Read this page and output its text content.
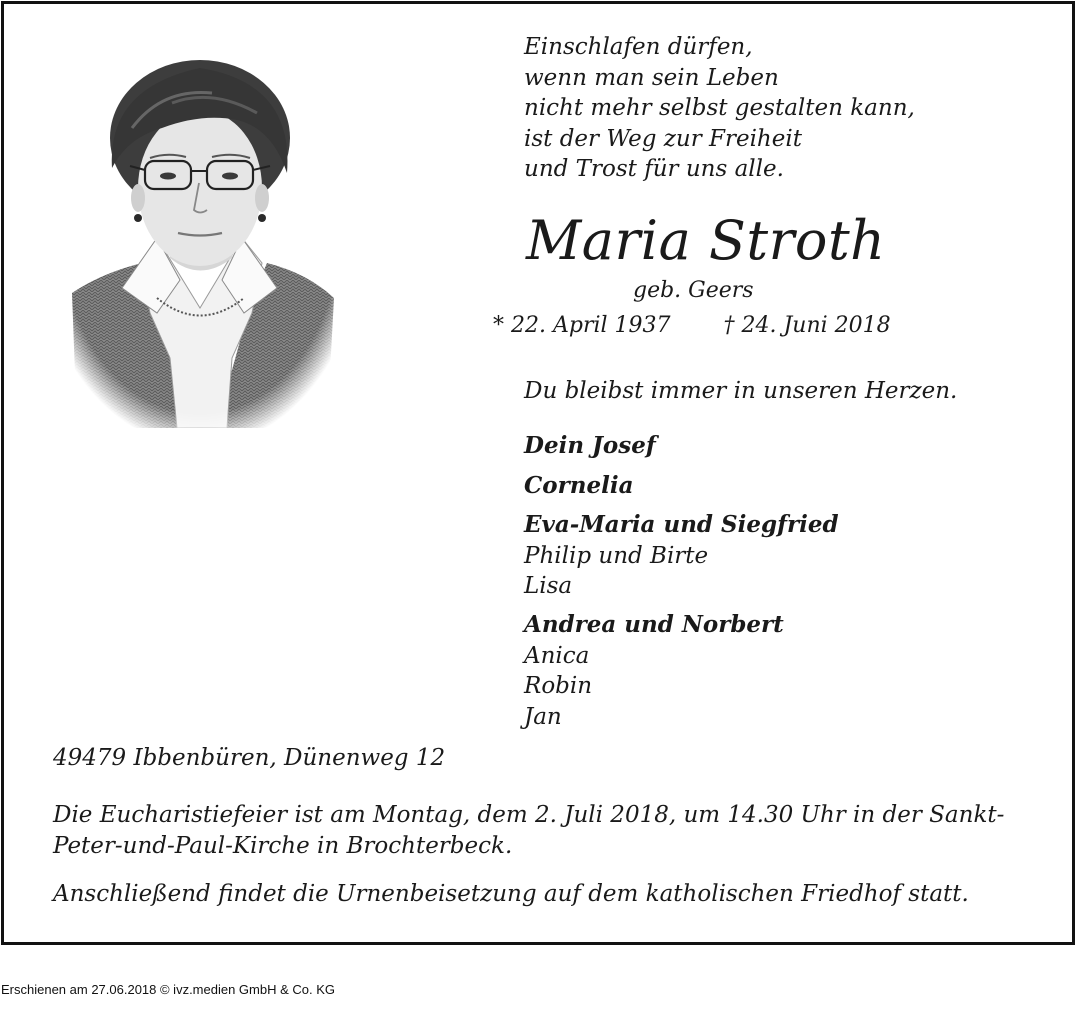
Einschlafen dürfen,
wenn man sein Leben
nicht mehr selbst gestalten kann,
ist der Weg zur Freiheit
und Trost für uns alle.
Maria Stroth
geb. Geers
* 22. April 1937 † 24. Juni 2018
Du bleibst immer in unseren Herzen.
Dein Josef
Cornelia
Eva-Maria und Siegfried
Philip und Birte
Lisa
Andrea und Norbert
Anica
Robin
Jan
49479 Ibbenbüren, Dünenweg 12
Die Eucharistiefeier ist am Montag, dem 2. Juli 2018, um 14.30 Uhr in der Sankt-Peter-und-Paul-Kirche in Brochterbeck.
Anschließend findet die Urnenbeisetzung auf dem katholischen Friedhof statt.
Erschienen am 27.06.2018 © ivz.medien GmbH & Co. KG
